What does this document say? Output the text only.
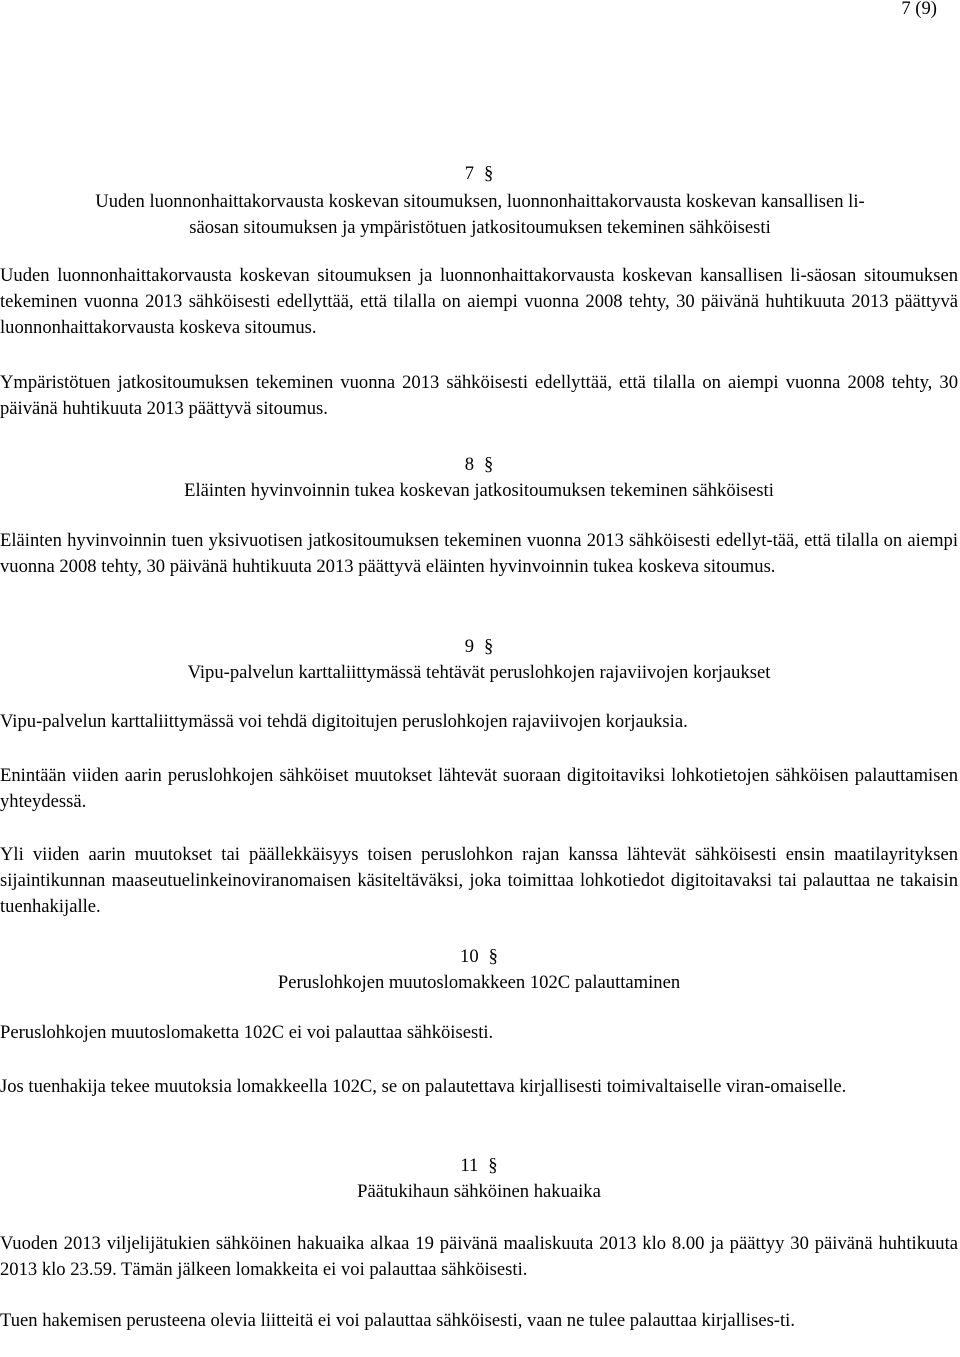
7 (9)
7 §
Uuden luonnonhaittakorvausta koskevan sitoumuksen, luonnonhaittakorvausta koskevan kansallisen li-
säosan sitoumuksen ja ympäristötuen jatkositoumuksen tekeminen sähköisesti

Uuden luonnonhaittakorvausta koskevan sitoumuksen ja luonnonhaittakorvausta koskevan kansallisen li-säosan sitoumuksen tekeminen vuonna 2013 sähköisesti edellyttää, että tilalla on aiempi vuonna 2008 tehty, 30 päivänä huhtikuuta 2013 päättyvä luonnonhaittakorvausta koskeva sitoumus.

Ympäristötuen jatkositoumuksen tekeminen vuonna 2013 sähköisesti edellyttää, että tilalla on aiempi vuonna 2008 tehty, 30 päivänä huhtikuuta 2013 päättyvä sitoumus.

8 §
Eläinten hyvinvoinnin tukea koskevan jatkositoumuksen tekeminen sähköisesti

Eläinten hyvinvoinnin tuen yksivuotisen jatkositoumuksen tekeminen vuonna 2013 sähköisesti edellyt-tää, että tilalla on aiempi vuonna 2008 tehty, 30 päivänä huhtikuuta 2013 päättyvä eläinten hyvinvoinnin tukea koskeva sitoumus.

9 §
Vipu-palvelun karttaliittymässä tehtävät peruslohkojen rajaviivojen korjaukset

Vipu-palvelun karttaliittymässä voi tehdä digitoitujen peruslohkojen rajaviivojen korjauksia.

Enintään viiden aarin peruslohkojen sähköiset muutokset lähtevät suoraan digitoitaviksi lohkotietojen sähköisen palauttamisen yhteydessä.

Yli viiden aarin muutokset tai päällekkäisyys toisen peruslohkon rajan kanssa lähtevät sähköisesti ensin maatilayrityksen sijaintikunnan maaseutuelinkeinoviranomaisen käsiteltäväksi, joka toimittaa lohkotiedot digitoitavaksi tai palauttaa ne takaisin tuenhakijalle.

10 §
Peruslohkojen muutoslomakkeen 102C palauttaminen

Peruslohkojen muutoslomaketta 102C ei voi palauttaa sähköisesti.

Jos tuenhakija tekee muutoksia lomakkeella 102C, se on palautettava kirjallisesti toimivaltaiselle viran-omaiselle.

11 §
Päätukihaun sähköinen hakuaika

Vuoden 2013 viljelijätukien sähköinen hakuaika alkaa 19 päivänä maaliskuuta 2013 klo 8.00 ja päättyy 30 päivänä huhtikuuta 2013 klo 23.59. Tämän jälkeen lomakkeita ei voi palauttaa sähköisesti.

Tuen hakemisen perusteena olevia liitteitä ei voi palauttaa sähköisesti, vaan ne tulee palauttaa kirjallises-ti.
